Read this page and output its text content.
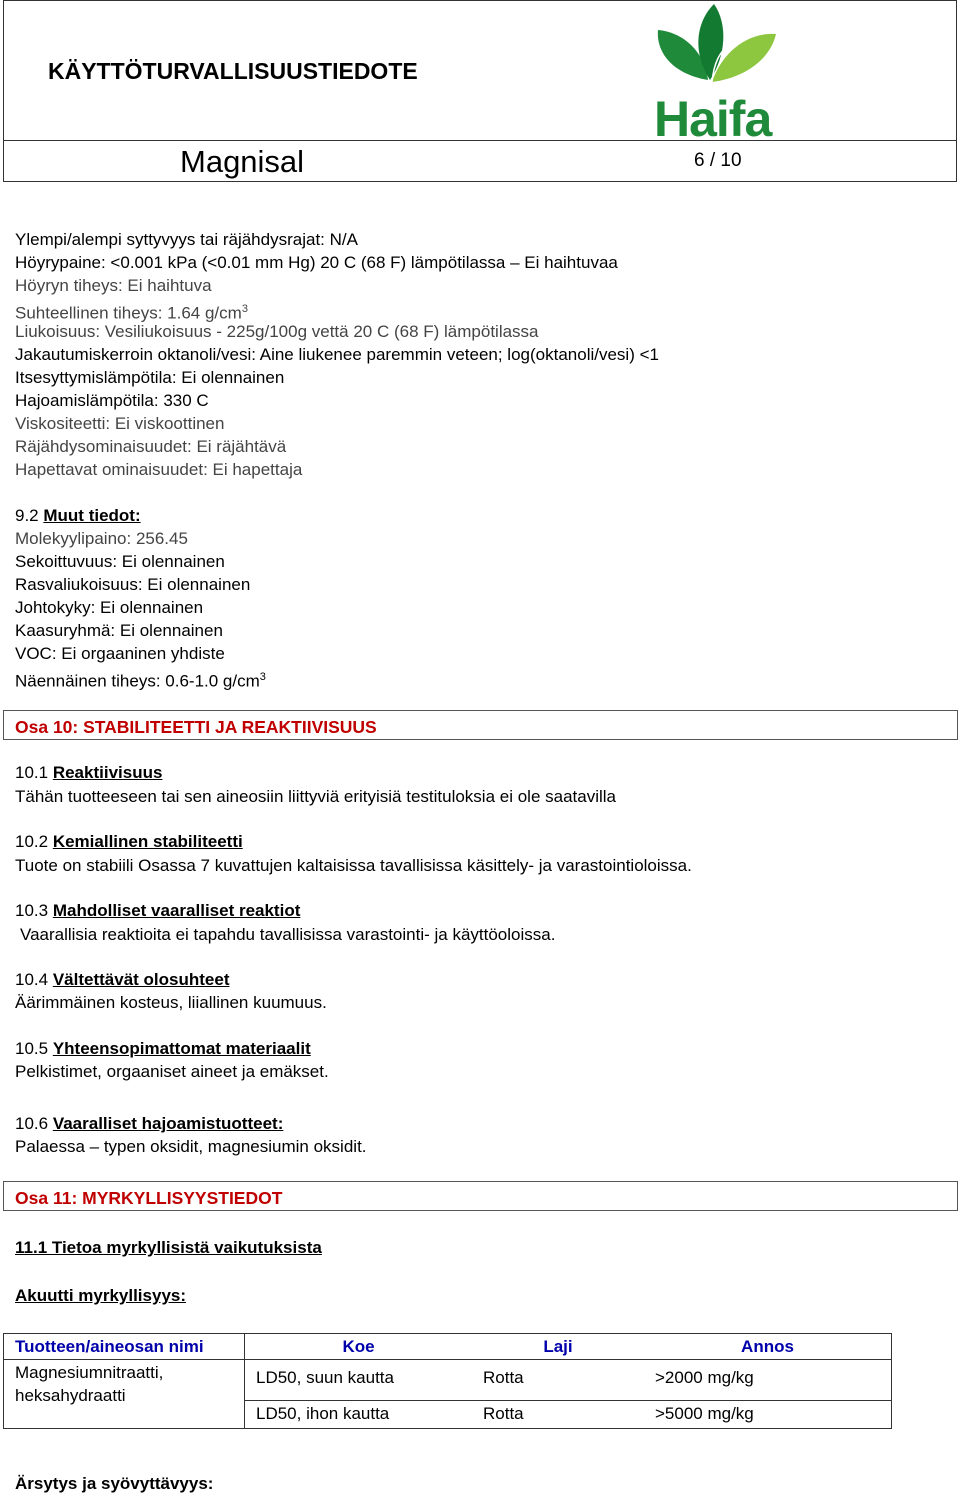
KÄYTTÖTURVALLISUUSTIEDOTE
Magnisal	6 / 10
Haifa
Ylempi/alempi syttyvyys tai räjähdysrajat: N/A
Höyrypaine: <0.001 kPa (<0.01 mm Hg) 20 C (68 F) lämpötilassa – Ei haihtuvaa
Höyryn tiheys: Ei haihtuva
Suhteellinen tiheys: 1.64 $g/cm^3$
Liukoisuus: Vesiliukoisuus - 225g/100g vettä 20 C (68 F) lämpötilassa
Jakautumiskerroin oktanoli/vesi: Aine liukenee paremmin veteen; log(oktanoli/vesi) <1
Itsesyttymislämpötila: Ei olennainen
Hajoamislämpötila: 330 C
Viskositeetti: Ei viskoottinen
Räjähdysominaisuudet: Ei räjähtävä
Hapettavat ominaisuudet: Ei hapettaja
9.2 Muut tiedot:
Molekyylipaino: 256.45
Sekoittuvuus: Ei olennainen
Rasvaliukoisuus: Ei olennainen
Johtokyky: Ei olennainen
Kaasuryhmä: Ei olennainen
VOC: Ei orgaaninen yhdiste
Näennäinen tiheys: 0.6-1.0 $g/cm^3$
Osa 10: STABILITEETTI JA REAKTIIVISUUS
10.1 Reaktiivisuus
Tähän tuotteeseen tai sen aineosiin liittyviä erityisiä testituloksia ei ole saatavilla
10.2 Kemiallinen stabiliteetti
Tuote on stabiili Osassa 7 kuvattujen kaltaisissa tavallisissa käsittely- ja varastointioloissa.
10.3 Mahdolliset vaaralliset reaktiot
Vaarallisia reaktioita ei tapahdu tavallisissa varastointi- ja käyttöoloissa.
10.4 Vältettävät olosuhteet
Äärimmäinen kosteus, liiallinen kuumuus.
10.5 Yhteensopimattomat materiaalit
Pelkistimet, orgaaniset aineet ja emäkset.
10.6 Vaaralliset hajoamistuotteet:
Palaessa – typen oksidit, magnesiumin oksidit.
Osa 11: MYRKYLLISYYSTIEDOT
11.1 Tietoa myrkyllisistä vaikutuksista
Akuutti myrkyllisyys:
Tuotteen/aineosan nimi	Koe	Laji	Annos
Magnesiumnitraatti, heksahydraatti	LD50, suun kautta	Rotta	>2000 mg/kg
	LD50, ihon kautta	Rotta	>5000 mg/kg
Ärsytys ja syövyttävyys:
